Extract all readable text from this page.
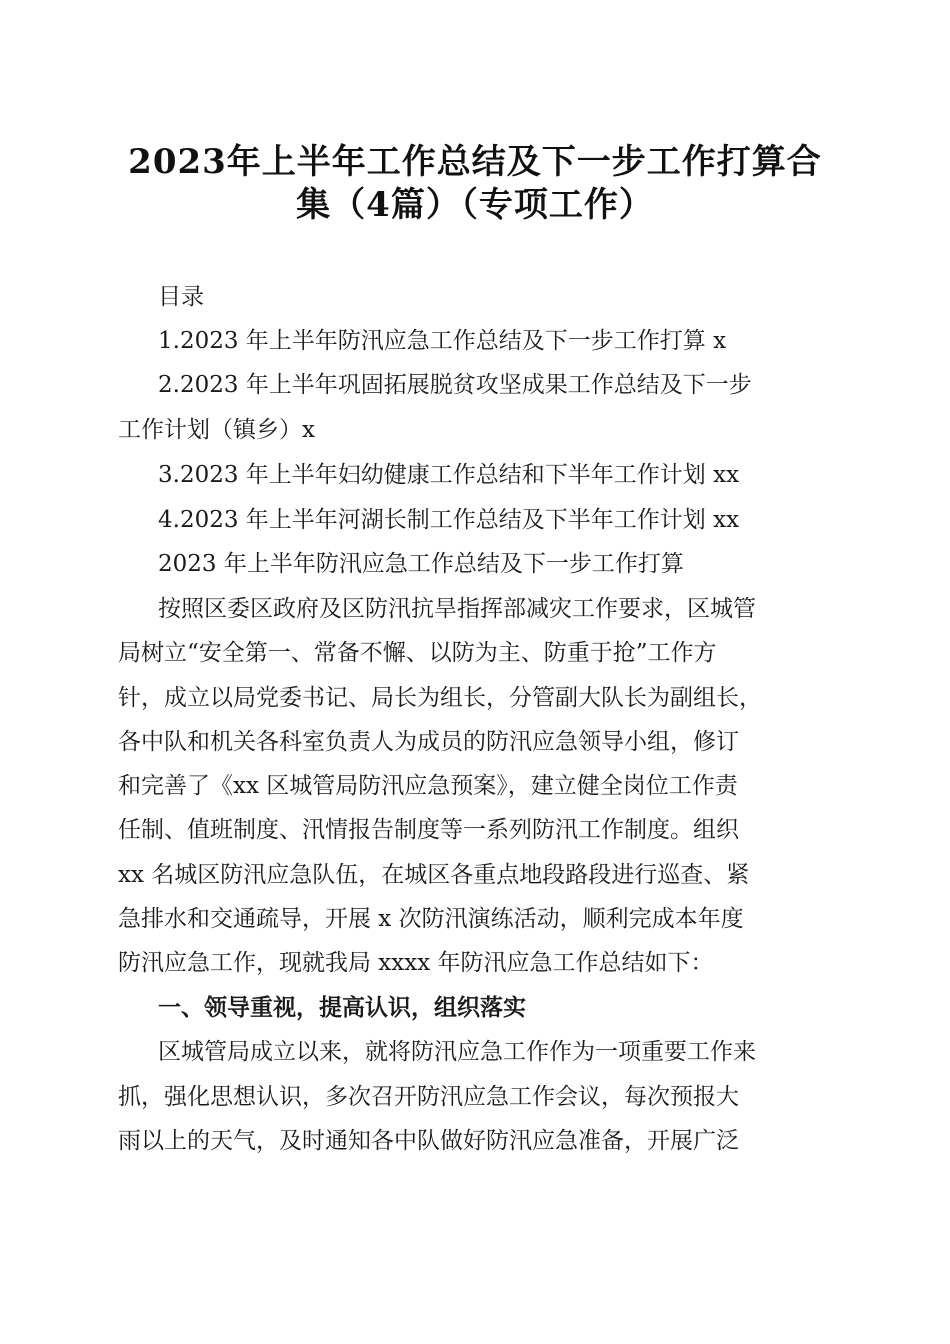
2023年上半年工作总结及下一步工作打算合
集（4篇）（专项工作）
目录
1.2023 年上半年防汛应急工作总结及下一步工作打算 x
2.2023 年上半年巩固拓展脱贫攻坚成果工作总结及下一步
工作计划（镇乡）x
3.2023 年上半年妇幼健康工作总结和下半年工作计划 xx
4.2023 年上半年河湖长制工作总结及下半年工作计划 xx
2023 年上半年防汛应急工作总结及下一步工作打算
按照区委区政府及区防汛抗旱指挥部减灾工作要求，区城管
局树立“安全第一、常备不懈、以防为主、防重于抢”工作方
针，成立以局党委书记、局长为组长，分管副大队长为副组长，
各中队和机关各科室负责人为成员的防汛应急领导小组，修订
和完善了《xx 区城管局防汛应急预案》，建立健全岗位工作责
任制、值班制度、汛情报告制度等一系列防汛工作制度。组织
xx 名城区防汛应急队伍，在城区各重点地段路段进行巡查、紧
急排水和交通疏导，开展 x 次防汛演练活动，顺利完成本年度
防汛应急工作，现就我局 xxxx 年防汛应急工作总结如下：
一、领导重视，提高认识，组织落实
区城管局成立以来，就将防汛应急工作作为一项重要工作来
抓，强化思想认识，多次召开防汛应急工作会议，每次预报大
雨以上的天气，及时通知各中队做好防汛应急准备，开展广泛
